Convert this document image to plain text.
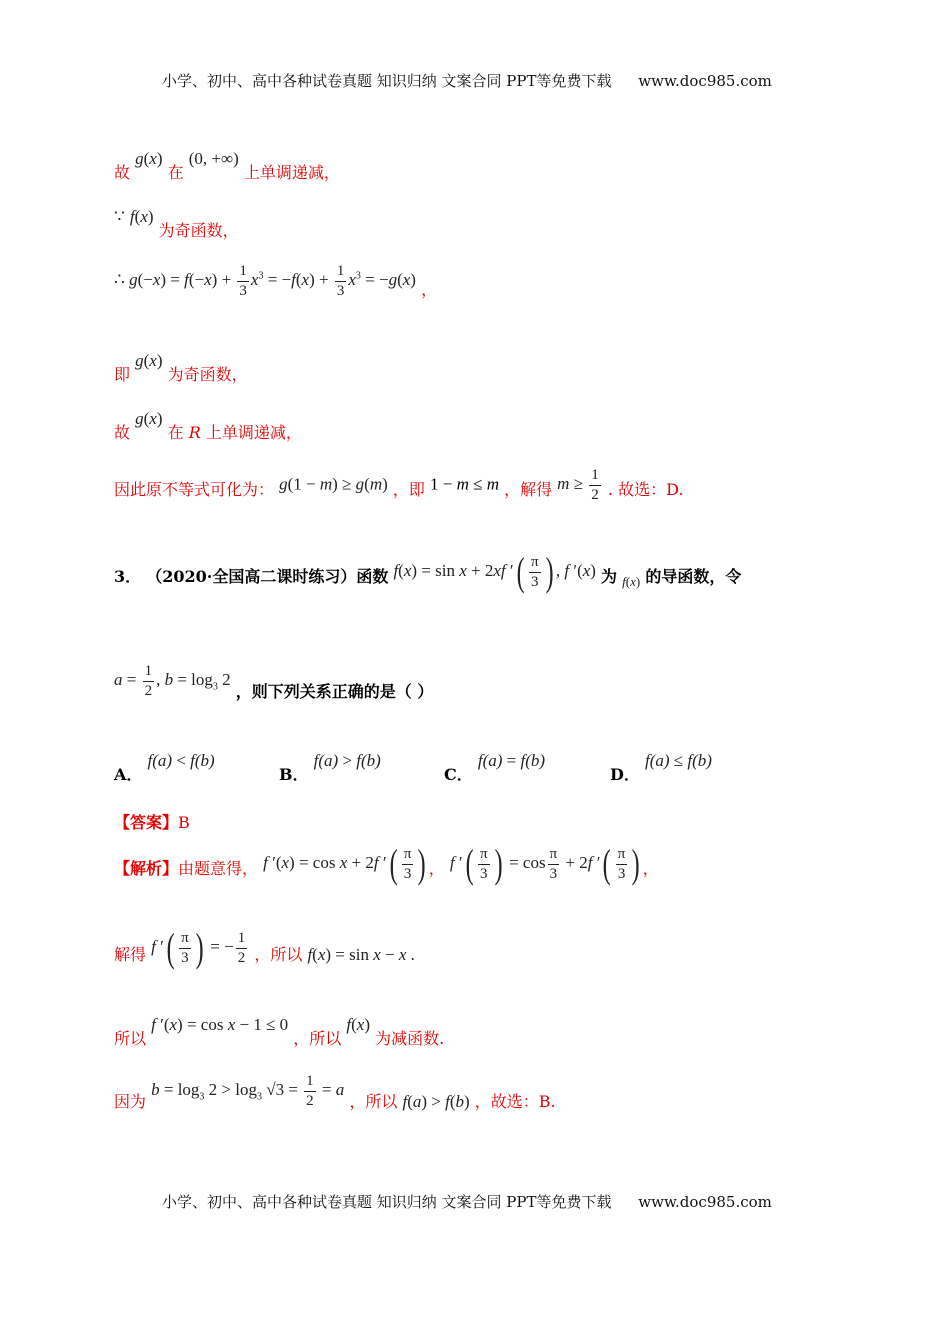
小学、初中、高中各种试卷真题 知识归纳 文案合同 PPT等免费下载 www.doc985.com
故 g(x) 在 (0, +∞) 上单调递减，
∵ f(x) 为奇函数，
∴ $g(-x) = f(-x) + \frac{1}{3} x^3 = -f(x) + \frac{1}{3} x^3 = -g(x)$ ，
即 g(x) 为奇函数，
故 g(x) 在 R 上单调递减，
因此原不等式可化为： g(1 − m) ≥ g(m) ，即 1 − m ≤ m ，解得 $m \ge \frac{1}{2}$ . 故选：D.
3． （2020·全国高二课时练习）函数 f(x) = sin x + 2xf ′( $\frac{\pi}{3}$ ) , f ′(x) 为 $_{f(x)}$ 的导函数，令
$a = \frac{1}{2}$ , $b = \log_3 2$ ，则下列关系正确的是（ ）
A． f(a) < f(b)
B． f(a) > f(b)
C． f(a) = f(b)
D． f(a) ≤ f(b)
【答案】B
【解析】由题意得， f ′(x) = cos x + 2f ′( $\frac{\pi}{3}$ ) ， f ′( $\frac{\pi}{3}$ ) = $\cos \frac{\pi}{3} + 2f$ ′( $\frac{\pi}{3}$ ) ，
解得 f ′( $\frac{\pi}{3}$ ) = − $\frac{1}{2}$ ，所以 f(x) = sin x − x .
所以 f ′(x) = cos x − 1 ≤ 0 ，所以 f(x) 为减函数.
因为 $b = \log_3 2 > \log_3 √3 = \frac{1}{2} = a$ ，所以 f(a) > f(b) ，故选：B.
小学、初中、高中各种试卷真题 知识归纳 文案合同 PPT等免费下载 www.doc985.com
